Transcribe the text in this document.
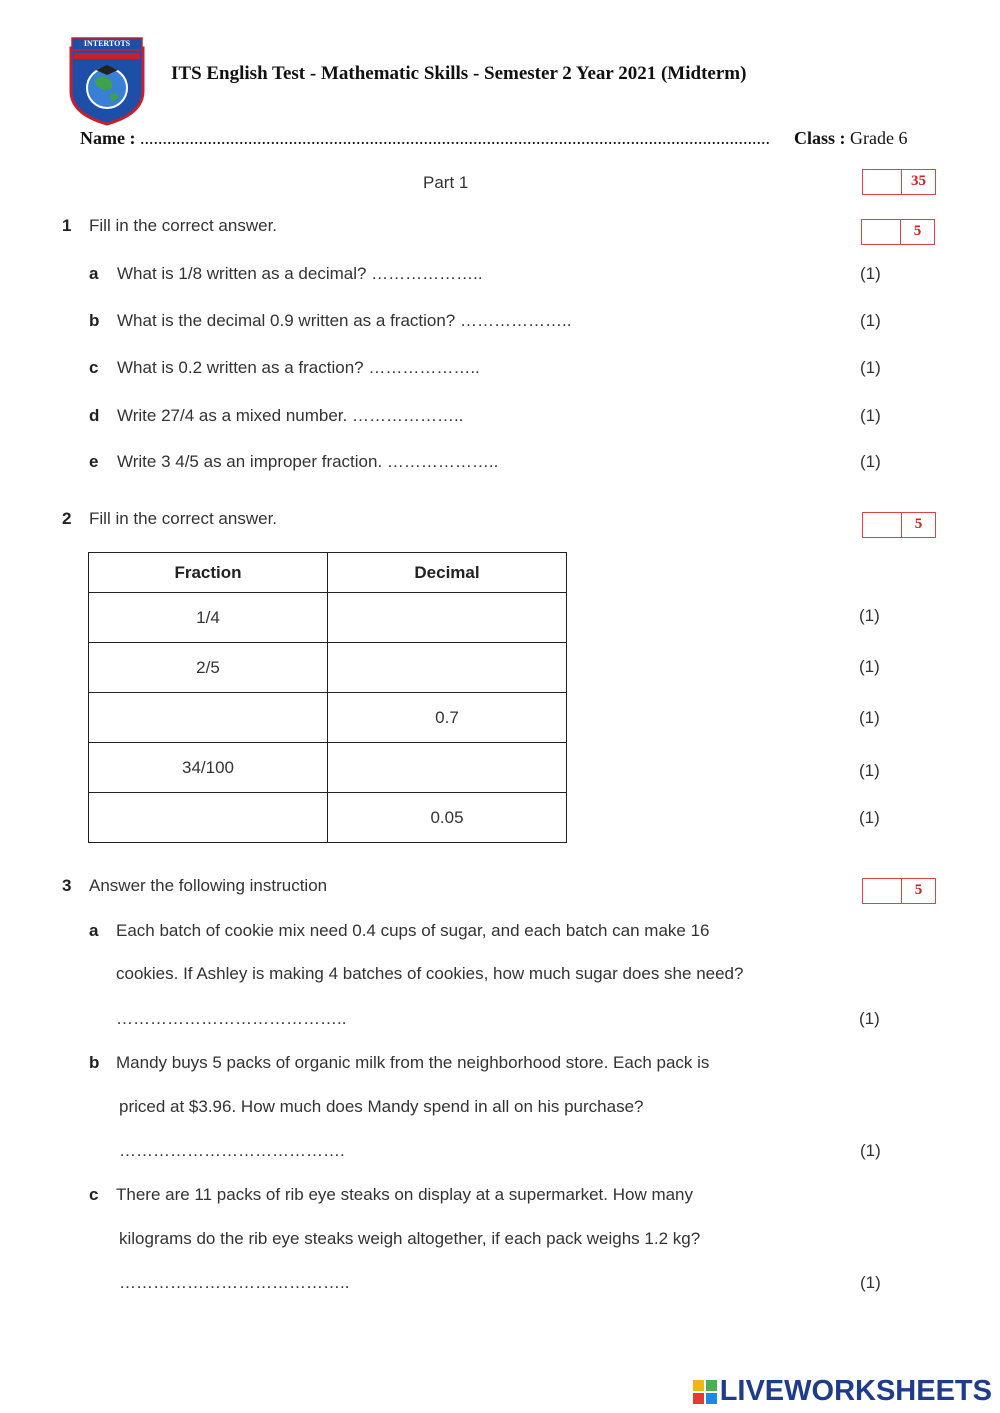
INTERTOTS
ITS English Test - Mathematic Skills - Semester 2 Year 2021 (Midterm)
Name : ............................................................................................................................................ Class : Grade 6
Part 1	35
1 Fill in the correct answer.	5
a What is 1/8 written as a decimal? ………………..	(1)
b What is the decimal 0.9 written as a fraction? ………………..	(1)
c What is 0.2 written as a fraction? ………………..	(1)
d Write 27/4 as a mixed number. ………………..	(1)
e Write 3 4/5 as an improper fraction. ………………..	(1)
2 Fill in the correct answer.	5
Fraction	Decimal
1/4	
2/5	
	0.7
34/100	
	0.05
(1)
(1)
(1)
(1)
(1)
3 Answer the following instruction	5
a Each batch of cookie mix need 0.4 cups of sugar, and each batch can make 16
cookies. If Ashley is making 4 batches of cookies, how much sugar does she need?
…………………………………..	(1)
b Mandy buys 5 packs of organic milk from the neighborhood store. Each pack is
priced at $3.96. How much does Mandy spend in all on his purchase?
………………………………….	(1)
c There are 11 packs of rib eye steaks on display at a supermarket. How many
kilograms do the rib eye steaks weigh altogether, if each pack weighs 1.2 kg?
…………………………………..	(1)
LIVEWORKSHEETS
